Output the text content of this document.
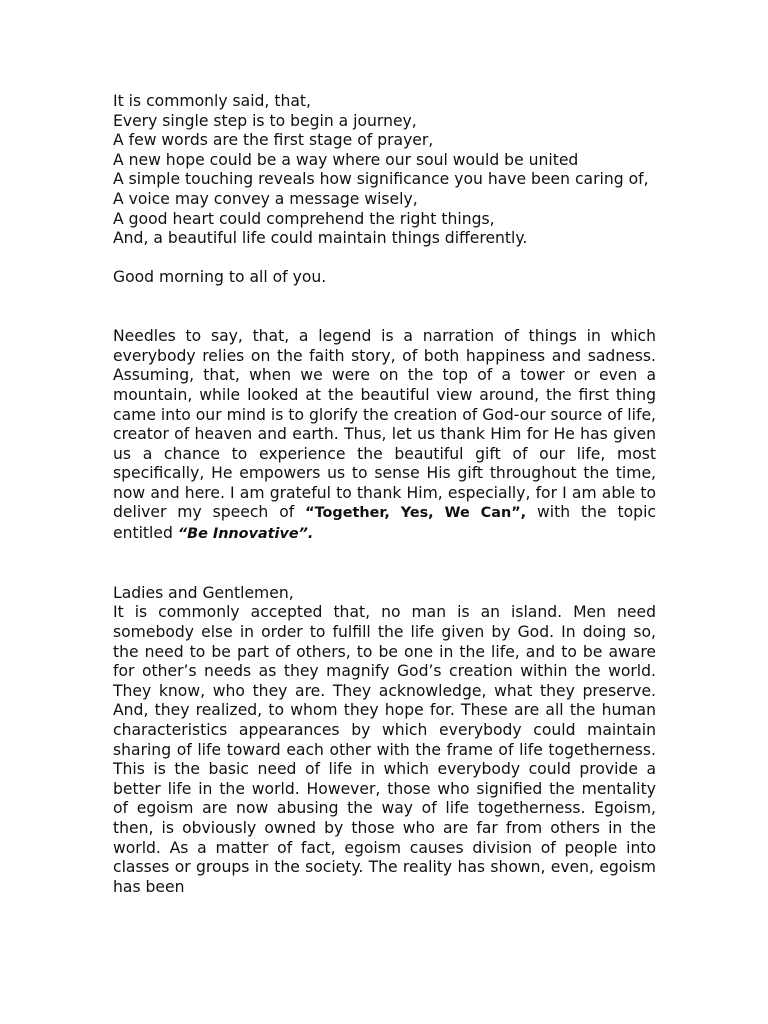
It is commonly said, that,
Every single step is to begin a journey,
A few words are the first stage of prayer,
A new hope could be a way where our soul would be united
A simple touching reveals how significance you have been caring of,
A voice may convey a message wisely,
A good heart could comprehend the right things,
And, a beautiful life could maintain things differently.

Good morning to all of you.

Needles to say, that, a legend is a narration of things in which everybody relies on the faith story, of both happiness and sadness. Assuming, that, when we were on the top of a tower or even a mountain, while looked at the beautiful view around, the first thing came into our mind is to glorify the creation of God-our source of life, creator of heaven and earth. Thus, let us thank Him for He has given us a chance to experience the beautiful gift of our life, most specifically, He empowers us to sense His gift throughout the time, now and here. I am grateful to thank Him, especially, for I am able to deliver my speech of “Together, Yes, We Can”, with the topic entitled “Be Innovative”.

Ladies and Gentlemen,

It is commonly accepted that, no man is an island. Men need somebody else in order to fulfill the life given by God. In doing so, the need to be part of others, to be one in the life, and to be aware for other’s needs as they magnify God’s creation within the world. They know, who they are. They acknowledge, what they preserve. And, they realized, to whom they hope for. These are all the human characteristics appearances by which everybody could maintain sharing of life toward each other with the frame of life togetherness. This is the basic need of life in which everybody could provide a better life in the world. However, those who signified the mentality of egoism are now abusing the way of life togetherness. Egoism, then, is obviously owned by those who are far from others in the world. As a matter of fact, egoism causes division of people into classes or groups in the society. The reality has shown, even, egoism has been
